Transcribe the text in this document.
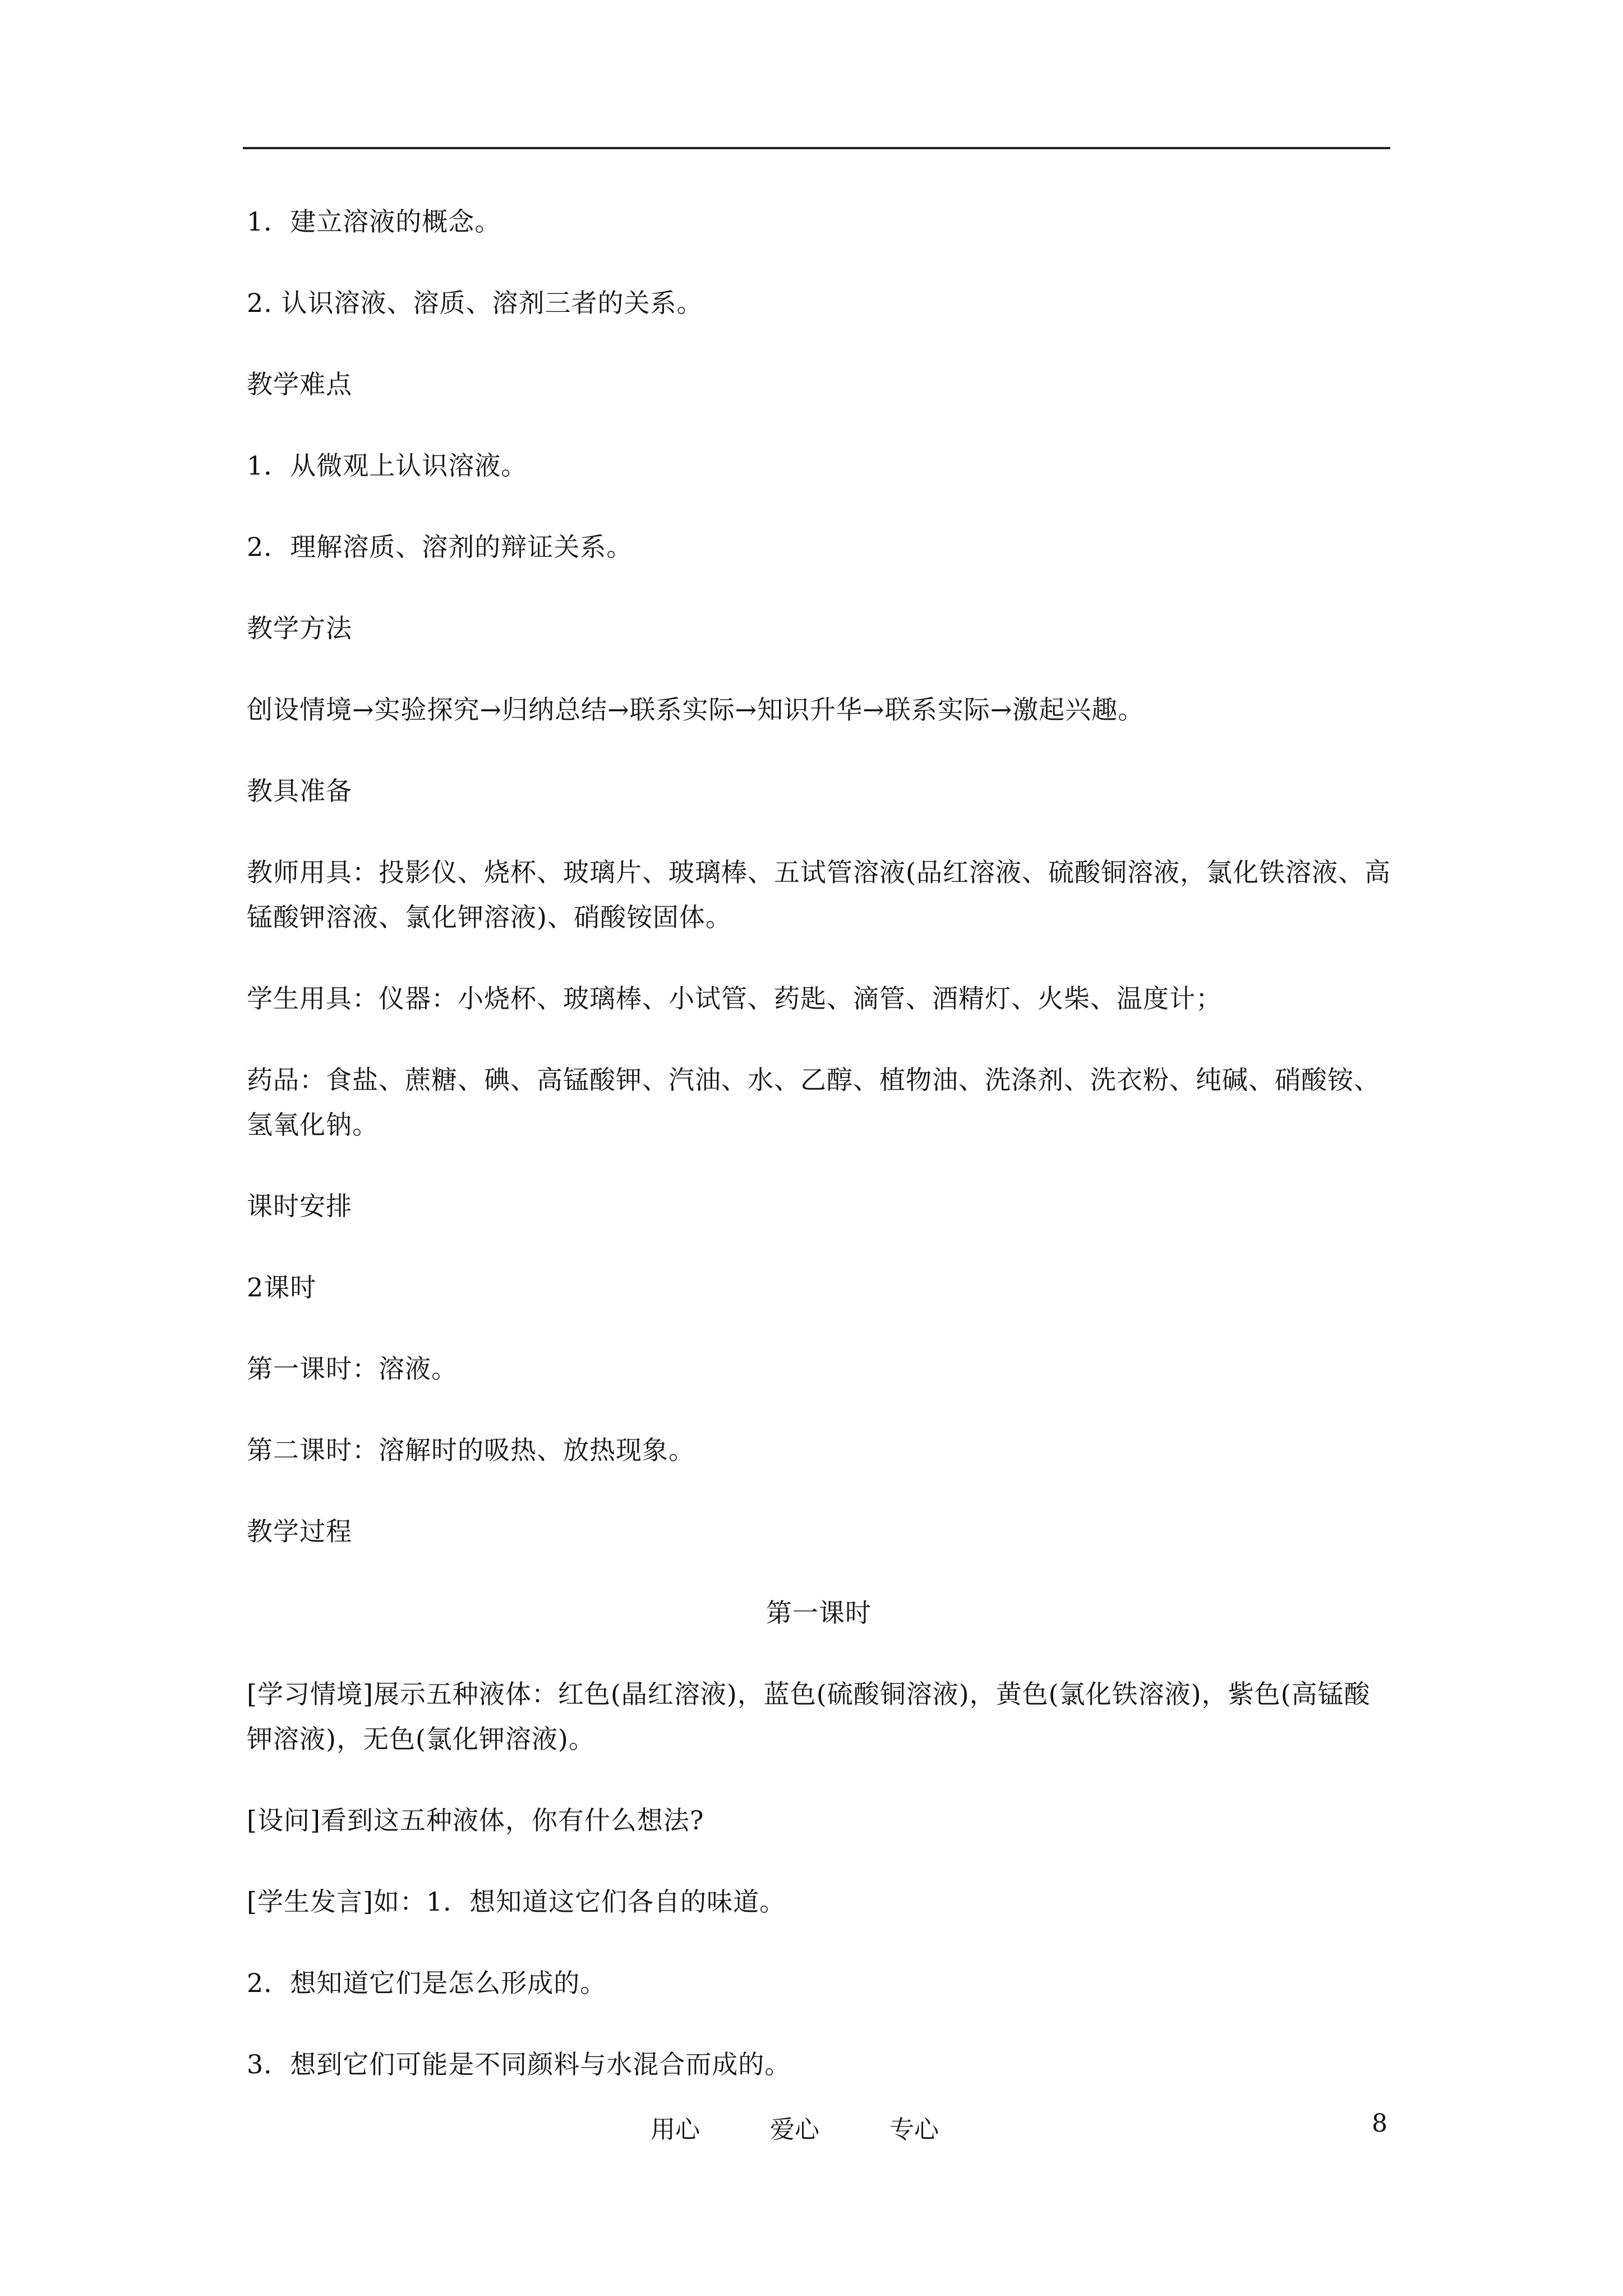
1．建立溶液的概念。

2. 认识溶液、溶质、溶剂三者的关系。

教学难点

1．从微观上认识溶液。

2．理解溶质、溶剂的辩证关系。

教学方法

创设情境→实验探究→归纳总结→联系实际→知识升华→联系实际→激起兴趣。

教具准备

教师用具：投影仪、烧杯、玻璃片、玻璃棒、五试管溶液(品红溶液、硫酸铜溶液，氯化铁溶液、高锰酸钾溶液、氯化钾溶液)、硝酸铵固体。

学生用具：仪器：小烧杯、玻璃棒、小试管、药匙、滴管、酒精灯、火柴、温度计；

药品：食盐、蔗糖、碘、高锰酸钾、汽油、水、乙醇、植物油、洗涤剂、洗衣粉、纯碱、硝酸铵、氢氧化钠。

课时安排

2课时

第一课时：溶液。

第二课时：溶解时的吸热、放热现象。

教学过程

第一课时

[学习情境]展示五种液体：红色(晶红溶液)，蓝色(硫酸铜溶液)，黄色(氯化铁溶液)，紫色(高锰酸钾溶液)，无色(氯化钾溶液)。

[设问]看到这五种液体，你有什么想法?

[学生发言]如：1．想知道这它们各自的味道。

2．想知道它们是怎么形成的。

3．想到它们可能是不同颜料与水混合而成的。

用心	爱心	专心	8
